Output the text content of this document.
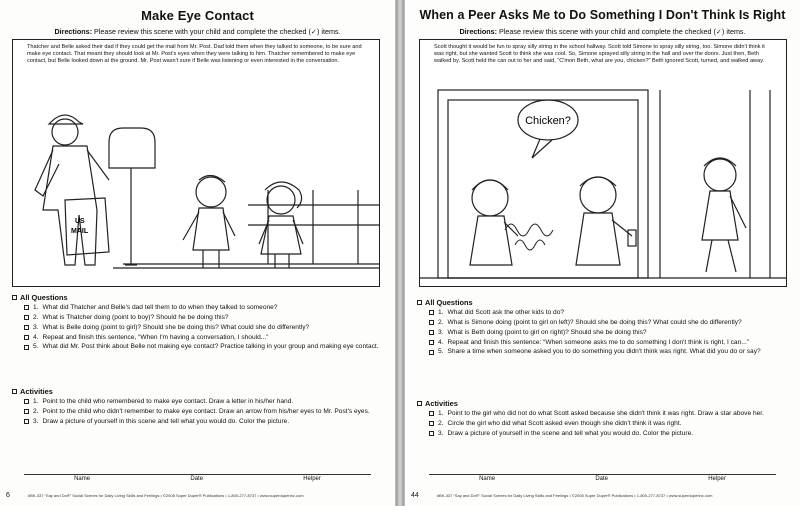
Make Eye Contact
Directions: Please review this scene with your child and complete the checked (✓) items.
US
MAIL
Thatcher and Belle asked their dad if they could get the mail from Mr. Post. Dad told them when they talked to someone, to be sure and make eye contact. That meant they should look at Mr. Post's eyes when they were talking to him. Thatcher remembered to make eye contact, but Belle looked down at the ground. Mr. Post wasn't sure if Belle was listening or even interested in the conversation.
All Questions
1. What did Thatcher and Belle's dad tell them to do when they talked to someone?
2. What is Thatcher doing (point to boy)? Should he be doing this?
3. What is Belle doing (point to girl)? Should she be doing this? What could she do differently?
4. Repeat and finish this sentence, “When I'm having a conversation, I should...”
5. What did Mr. Post think about Belle not making eye contact? Practice talking in your group and making eye contact.
Activities
1. Point to the child who remembered to make eye contact. Draw a letter in his/her hand.
2. Point to the child who didn't remember to make eye contact. Draw an arrow from his/her eyes to Mr. Post's eyes.
3. Draw a picture of yourself in this scene and tell what you would do. Color the picture.
Name	Date	Helper
6	#BK-337 “Say and Do®” Social Scenes for Daily Living Skills and Feelings • ©2008 Super Duper® Publications • 1-800-277-8737 • www.superduperinc.com
When a Peer Asks Me to Do Something I Don't Think Is Right
Directions: Please review this scene with your child and complete the checked (✓) items.
Chicken?
Scott thought it would be fun to spray silly string in the school hallway. Scott told Simone to spray silly string, too. Simone didn't think it was right, but she wanted Scott to think she was cool. So, Simone sprayed silly string in the hall and over the doors. Just then, Beth walked by. Scott held the can out to her and said, “C'mon Beth, what are you, chicken?” Beth ignored Scott, turned, and walked away.
All Questions
1. What did Scott ask the other kids to do?
2. What is Simone doing (point to girl on left)? Should she be doing this? What could she do differently?
3. What is Beth doing (point to girl on right)? Should she be doing this?
4. Repeat and finish this sentence: “When someone asks me to do something I don't think is right, I can...”
5. Share a time when someone asked you to do something you didn't think was right. What did you do or say?
Activities
1. Point to the girl who did not do what Scott asked because she didn't think it was right. Draw a star above her.
2. Circle the girl who did what Scott asked even though she didn't think it was right.
3. Draw a picture of yourself in the scene and tell what you would do. Color the picture.
Name	Date	Helper
44	#BK-337 “Say and Do®” Social Scenes for Daily Living Skills and Feelings • ©2008 Super Duper® Publications • 1-800-277-8737 • www.superduperinc.com
